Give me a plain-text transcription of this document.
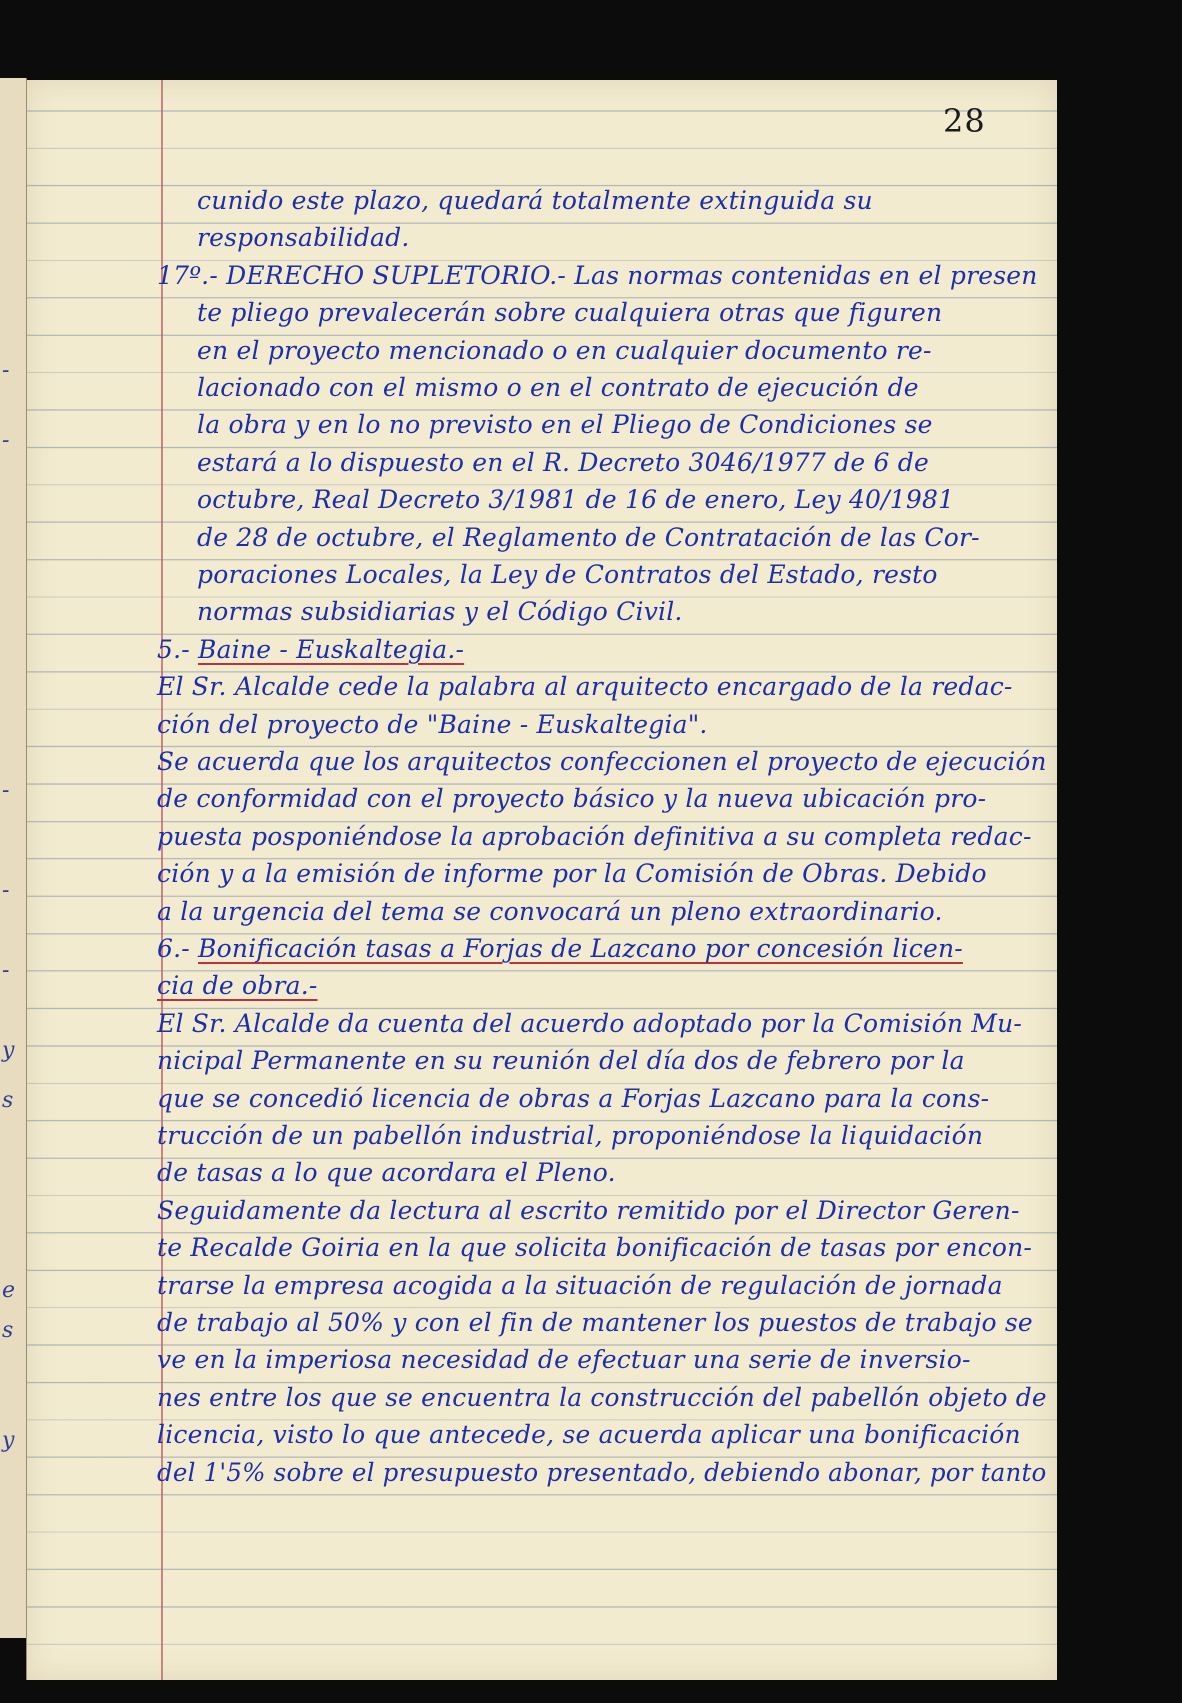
-
-
-
-
-
y
s
e
s
y

28
cunido este plazo, quedará totalmente extinguida su
responsabilidad.
17º.- DERECHO SUPLETORIO.- Las normas contenidas en el presen
te pliego prevalecerán sobre cualquiera otras que figuren
en el proyecto mencionado o en cualquier documento re-
lacionado con el mismo o en el contrato de ejecución de
la obra y en lo no previsto en el Pliego de Condiciones se
estará a lo dispuesto en el R. Decreto 3046/1977 de 6 de
octubre, Real Decreto 3/1981 de 16 de enero, Ley 40/1981
de 28 de octubre, el Reglamento de Contratación de las Cor-
poraciones Locales, la Ley de Contratos del Estado, resto
normas subsidiarias y el Código Civil.
5.- Baine - Euskaltegia.-
El Sr. Alcalde cede la palabra al arquitecto encargado de la redac-
ción del proyecto de "Baine - Euskaltegia".
Se acuerda que los arquitectos confeccionen el proyecto de ejecución
de conformidad con el proyecto básico y la nueva ubicación pro-
puesta posponiéndose la aprobación definitiva a su completa redac-
ción y a la emisión de informe por la Comisión de Obras. Debido
a la urgencia del tema se convocará un pleno extraordinario.
6.- Bonificación tasas a Forjas de Lazcano por concesión licen-
cia de obra.-
El Sr. Alcalde da cuenta del acuerdo adoptado por la Comisión Mu-
nicipal Permanente en su reunión del día dos de febrero por la
que se concedió licencia de obras a Forjas Lazcano para la cons-
trucción de un pabellón industrial, proponiéndose la liquidación
de tasas a lo que acordara el Pleno.
Seguidamente da lectura al escrito remitido por el Director Geren-
te Recalde Goiria en la que solicita bonificación de tasas por encon-
trarse la empresa acogida a la situación de regulación de jornada
de trabajo al 50% y con el fin de mantener los puestos de trabajo se
ve en la imperiosa necesidad de efectuar una serie de inversio-
nes entre los que se encuentra la construcción del pabellón objeto de
licencia, visto lo que antecede, se acuerda aplicar una bonificación
del 1'5% sobre el presupuesto presentado, debiendo abonar, por tanto
